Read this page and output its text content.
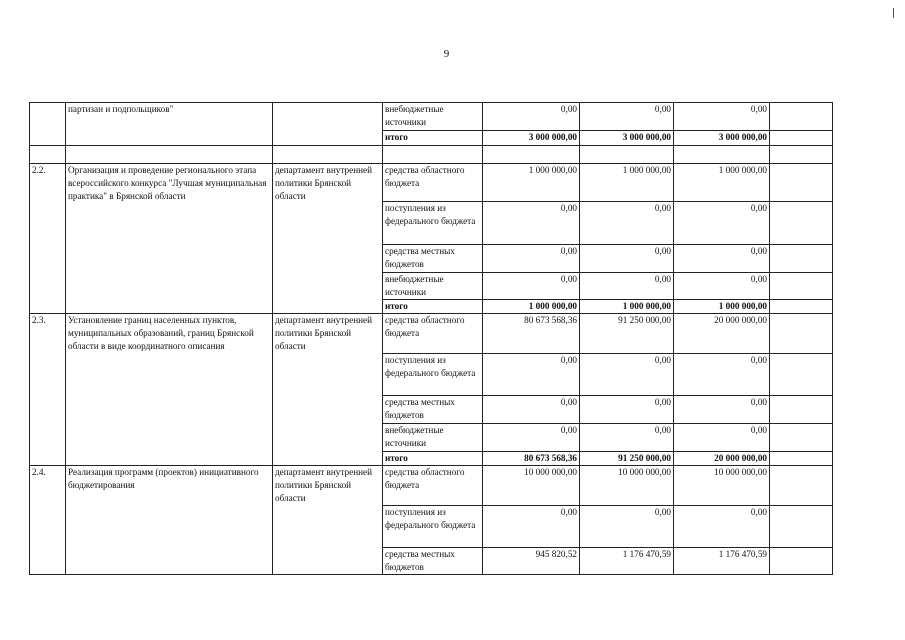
9
	партизан и подпольщиков"		внебюджетные источники	0,00	0,00	0,00	
			итого	3 000 000,00	3 000 000,00	3 000 000,00	

2.2.	Организация и проведение регионального этапа всероссийского конкурса "Лучшая муниципальная практика" в Брянской области	департамент внутренней политики Брянской области	средства областного бюджета	1 000 000,00	1 000 000,00	1 000 000,00	
			поступления из федерального бюджета	0,00	0,00	0,00	
			средства местных бюджетов	0,00	0,00	0,00	
			внебюджетные источники	0,00	0,00	0,00	
			итого	1 000 000,00	1 000 000,00	1 000 000,00	
2.3.	Установление границ населенных пунктов, муниципальных образований, границ Брянской области в виде координатного описания	департамент внутренней политики Брянской области	средства областного бюджета	80 673 568,36	91 250 000,00	20 000 000,00	
			поступления из федерального бюджета	0,00	0,00	0,00	
			средства местных бюджетов	0,00	0,00	0,00	
			внебюджетные источники	0,00	0,00	0,00	
			итого	80 673 568,36	91 250 000,00	20 000 000,00	
2.4.	Реализация программ (проектов) инициативного бюджетирования	департамент внутренней политики Брянской области	средства областного бюджета	10 000 000,00	10 000 000,00	10 000 000,00	
			поступления из федерального бюджета	0,00	0,00	0,00	
			средства местных бюджетов	945 820,52	1 176 470,59	1 176 470,59	
